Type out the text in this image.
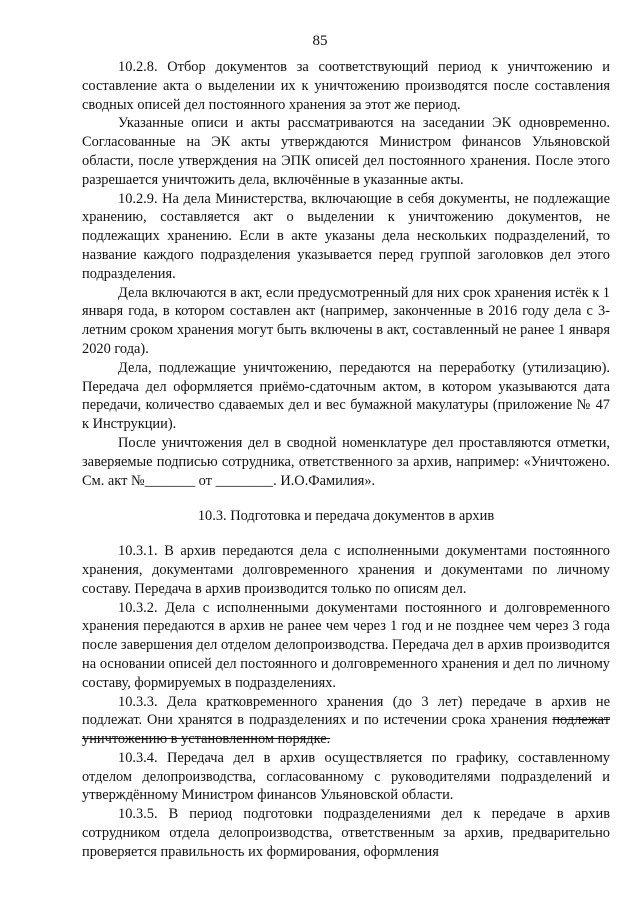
85

10.2.8. Отбор документов за соответствующий период к уничтожению и составление акта о выделении их к уничтожению производятся после составления сводных описей дел постоянного хранения за этот же период.

Указанные описи и акты рассматриваются на заседании ЭК одновременно. Согласованные на ЭК акты утверждаются Министром финансов Ульяновской области, после утверждения на ЭПК описей дел постоянного хранения. После этого разрешается уничтожить дела, включённые в указанные акты.

10.2.9. На дела Министерства, включающие в себя документы, не подлежащие хранению, составляется акт о выделении к уничтожению документов, не подлежащих хранению. Если в акте указаны дела нескольких подразделений, то название каждого подразделения указывается перед группой заголовков дел этого подразделения.

Дела включаются в акт, если предусмотренный для них срок хранения истёк к 1 января года, в котором составлен акт (например, законченные в 2016 году дела с 3-летним сроком хранения могут быть включены в акт, составленный не ранее 1 января 2020 года).

Дела, подлежащие уничтожению, передаются на переработку (утилизацию). Передача дел оформляется приёмо-сдаточным актом, в котором указываются дата передачи, количество сдаваемых дел и вес бумажной макулатуры (приложение № 47 к Инструкции).

После уничтожения дел в сводной номенклатуре дел проставляются отметки, заверяемые подписью сотрудника, ответственного за архив, например: «Уничтожено. См. акт №_______ от ________. И.О.Фамилия».

10.3. Подготовка и передача документов в архив

10.3.1. В архив передаются дела с исполненными документами постоянного хранения, документами долговременного хранения и документами по личному составу. Передача в архив производится только по описям дел.

10.3.2. Дела с исполненными документами постоянного и долговременного хранения передаются в архив не ранее чем через 1 год и не позднее чем через 3 года после завершения дел отделом делопроизводства. Передача дел в архив производится на основании описей дел постоянного и долговременного хранения и дел по личному составу, формируемых в подразделениях.

10.3.3. Дела кратковременного хранения (до 3 лет) передаче в архив не подлежат. Они хранятся в подразделениях и по истечении срока хранения подлежат уничтожению в установленном порядке.

10.3.4. Передача дел в архив осуществляется по графику, составленному отделом делопроизводства, согласованному с руководителями подразделений и утверждённому Министром финансов Ульяновской области.

10.3.5. В период подготовки подразделениями дел к передаче в архив сотрудником отдела делопроизводства, ответственным за архив, предварительно проверяется правильность их формирования, оформления
